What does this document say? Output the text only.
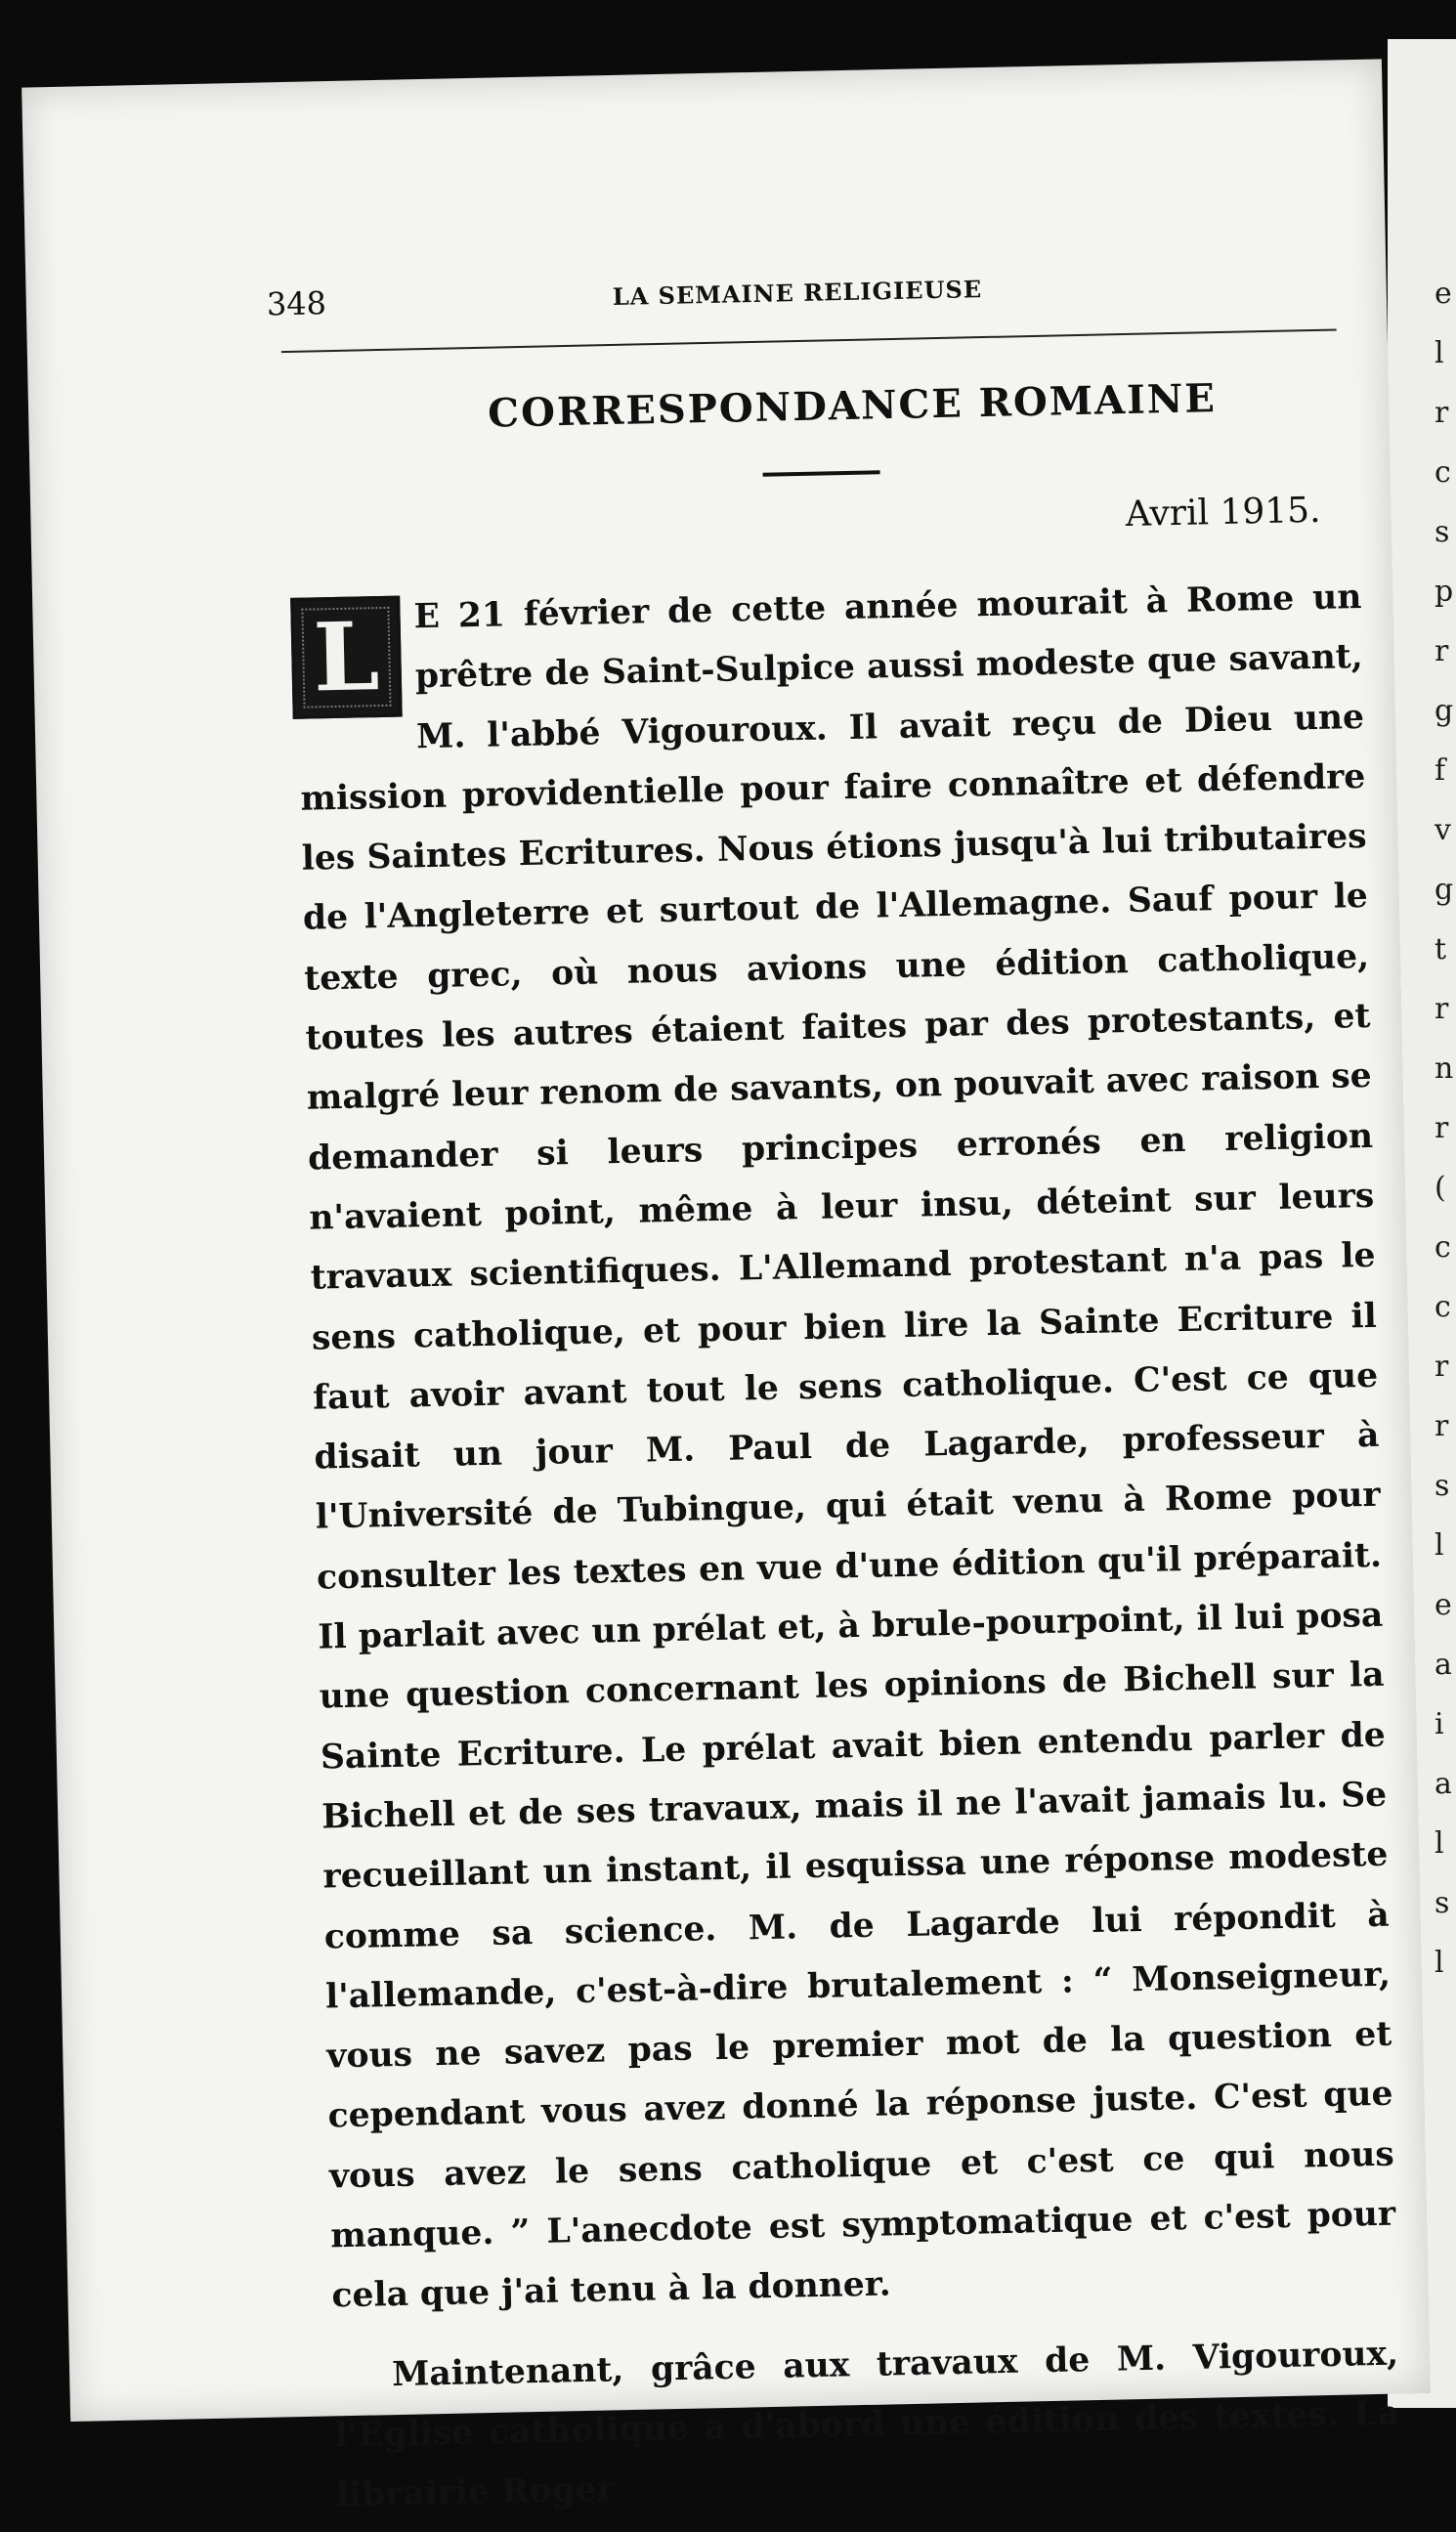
e
l
r
c
s
p
r
g
f
v
g
t
r
n
r
(
c
c
r
r
s
l
e
a
i
a
l
s
l
348	LA SEMAINE RELIGIEUSE
CORRESPONDANCE ROMAINE
Avril 1915.

L E 21 février de cette année mourait à Rome un prêtre de Saint-Sulpice aussi modeste que savant, M. l'abbé Vigouroux. Il avait reçu de Dieu une mission providentielle pour faire connaître et défendre les Saintes Ecritures. Nous étions jusqu'à lui tributaires de l'Angleterre et surtout de l'Allemagne. Sauf pour le texte grec, où nous avions une édition catholique, toutes les autres étaient faites par des protestants, et malgré leur renom de savants, on pouvait avec raison se demander si leurs principes erronés en religion n'avaient point, même à leur insu, déteint sur leurs travaux scientifiques. L'Allemand protestant n'a pas le sens catholique, et pour bien lire la Sainte Ecriture il faut avoir avant tout le sens catholique. C'est ce que disait un jour M. Paul de Lagarde, professeur à l'Université de Tubingue, qui était venu à Rome pour consulter les textes en vue d'une édition qu'il préparait. Il parlait avec un prélat et, à brule-pourpoint, il lui posa une question concernant les opinions de Bichell sur la Sainte Ecriture. Le prélat avait bien entendu parler de Bichell et de ses travaux, mais il ne l'avait jamais lu. Se recueillant un instant, il esquissa une réponse modeste comme sa science. M. de Lagarde lui répondit à l'allemande, c'est-à-dire brutalement : “ Monseigneur, vous ne savez pas le premier mot de la question et cependant vous avez donné la réponse juste. C'est que vous avez le sens catholique et c'est ce qui nous manque. ” L'anecdote est symptomatique et c'est pour cela que j'ai tenu à la donner.

Maintenant, grâce aux travaux de M. Vigouroux, l'Eglise catholique a d'abord une édition des textes. La librairie Roger
